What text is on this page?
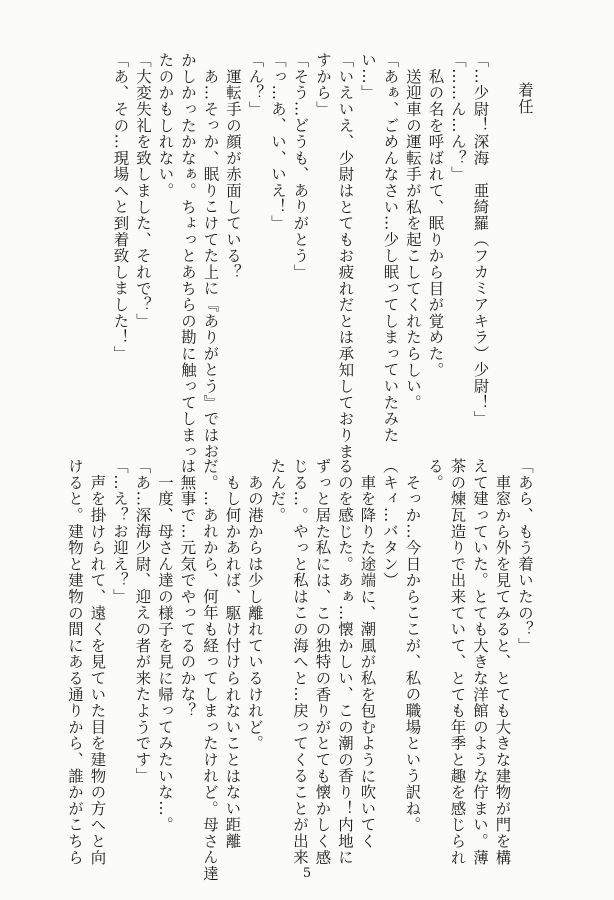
着任
「…少尉！深海　亜綺羅（フカミアキラ）少尉！」
「……ん…ん？」
　私の名を呼ばれて、眠りから目が覚めた。
　送迎車の運転手が私を起こしてくれたらしい。
「あぁ、ごめんなさい…少し眠ってしまっていたみた
い…」
「いえいえ、少尉はとてもお疲れだとは承知しておりま
すから」
「そう…どうも、ありがとう」
「っ…あ、い、いえ！」
「ん？」
　運転手の顔が赤面している？
　あ…そっか、眠りこけてた上に『ありがとう』ではお
かしかったかなぁ。ちょっとあちらの勘に触ってしまっ
たのかもしれない。
「大変失礼を致しました、それで？」
「あ、その…現場へと到着致しました！」
「あら、もう着いたの？」
　車窓から外を見てみると、とても大きな建物が門を構
えて建っていた。とても大きな洋館のような佇まい。薄
茶の煉瓦造りで出来ていて、とても年季と趣を感じられ
る。
　そっか…今日からここが、私の職場という訳ね。
（キィ…バタン）
　車を降りた途端に、潮風が私を包むように吹いてく
るのを感じた。あぁ…懐かしい、この潮の香り！内地に
ずっと居た私には、この独特の香りがとても懐かしく感
じる…。やっと私はこの海へと…戻ってくることが出来
たんだ。
　あの港からは少し離れているけれど。
　もし何かあれば、駆け付けられないことはない距離
だ。…あれから、何年も経ってしまったけれど。母さん達
は無事で…元気でやってるのかな？
　一度、母さん達の様子を見に帰ってみたいな…。
「あ…深海少尉、迎えの者が来たようです」
「…え？お迎え？」
　声を掛けられて、遠くを見ていた目を建物の方へと向
けると。建物と建物の間にある通りから、誰かがこちら
5
